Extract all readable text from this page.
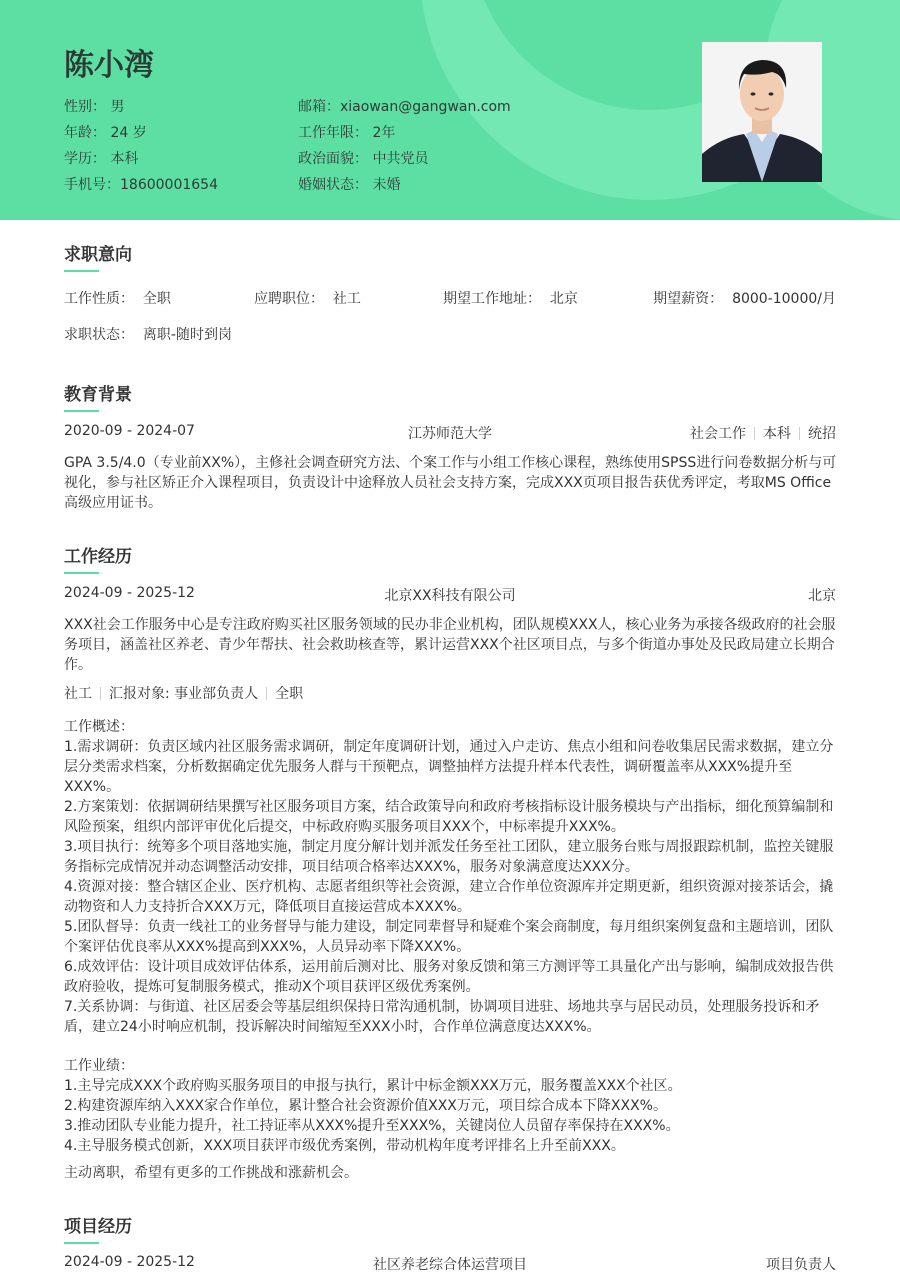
陈小湾
性别： 男	邮箱：xiaowan@gangwan.com
年龄： 24 岁	工作年限： 2年
学历： 本科	政治面貌： 中共党员
手机号：18600001654	婚姻状态： 未婚
求职意向
工作性质： 全职	应聘职位： 社工	期望工作地址： 北京	期望薪资： 8000-10000/月
求职状态： 离职-随时到岗
教育背景
2020-09 - 2024-07	江苏师范大学	社会工作 本科 统招
GPA 3.5/4.0（专业前XX%），主修社会调查研究方法、个案工作与小组工作核心课程，熟练使用SPSS进行问卷数据分析与可视化，参与社区矫正介入课程项目，负责设计中途释放人员社会支持方案，完成XXX页项目报告获优秀评定，考取MS Office高级应用证书。
工作经历
2024-09 - 2025-12	北京XX科技有限公司	北京
XXX社会工作服务中心是专注政府购买社区服务领域的民办非企业机构，团队规模XXX人，核心业务为承接各级政府的社会服务项目，涵盖社区养老、青少年帮扶、社会救助核查等，累计运营XXX个社区项目点，与多个街道办事处及民政局建立长期合作。
社工 汇报对象: 事业部负责人 全职
工作概述：
1.需求调研：负责区域内社区服务需求调研，制定年度调研计划，通过入户走访、焦点小组和问卷收集居民需求数据，建立分层分类需求档案，分析数据确定优先服务人群与干预靶点，调整抽样方法提升样本代表性，调研覆盖率从XXX%提升至XXX%。
2.方案策划：依据调研结果撰写社区服务项目方案，结合政策导向和政府考核指标设计服务模块与产出指标，细化预算编制和风险预案，组织内部评审优化后提交，中标政府购买服务项目XXX个，中标率提升XXX%。
3.项目执行：统筹多个项目落地实施，制定月度分解计划并派发任务至社工团队，建立服务台账与周报跟踪机制，监控关键服务指标完成情况并动态调整活动安排，项目结项合格率达XXX%，服务对象满意度达XXX分。
4.资源对接：整合辖区企业、医疗机构、志愿者组织等社会资源，建立合作单位资源库并定期更新，组织资源对接茶话会，撬动物资和人力支持折合XXX万元，降低项目直接运营成本XXX%。
5.团队督导：负责一线社工的业务督导与能力建设，制定同辈督导和疑难个案会商制度，每月组织案例复盘和主题培训，团队个案评估优良率从XXX%提高到XXX%，人员异动率下降XXX%。
6.成效评估：设计项目成效评估体系，运用前后测对比、服务对象反馈和第三方测评等工具量化产出与影响，编制成效报告供政府验收，提炼可复制服务模式，推动X个项目获评区级优秀案例。
7.关系协调：与街道、社区居委会等基层组织保持日常沟通机制，协调项目进驻、场地共享与居民动员，处理服务投诉和矛盾，建立24小时响应机制，投诉解决时间缩短至XXX小时，合作单位满意度达XXX%。
工作业绩：
1.主导完成XXX个政府购买服务项目的申报与执行，累计中标金额XXX万元，服务覆盖XXX个社区。
2.构建资源库纳入XXX家合作单位，累计整合社会资源价值XXX万元，项目综合成本下降XXX%。
3.推动团队专业能力提升，社工持证率从XXX%提升至XXX%，关键岗位人员留存率保持在XXX%。
4.主导服务模式创新，XXX项目获评市级优秀案例，带动机构年度考评排名上升至前XXX。
主动离职，希望有更多的工作挑战和涨薪机会。
项目经历
2024-09 - 2025-12	社区养老综合体运营项目	项目负责人
